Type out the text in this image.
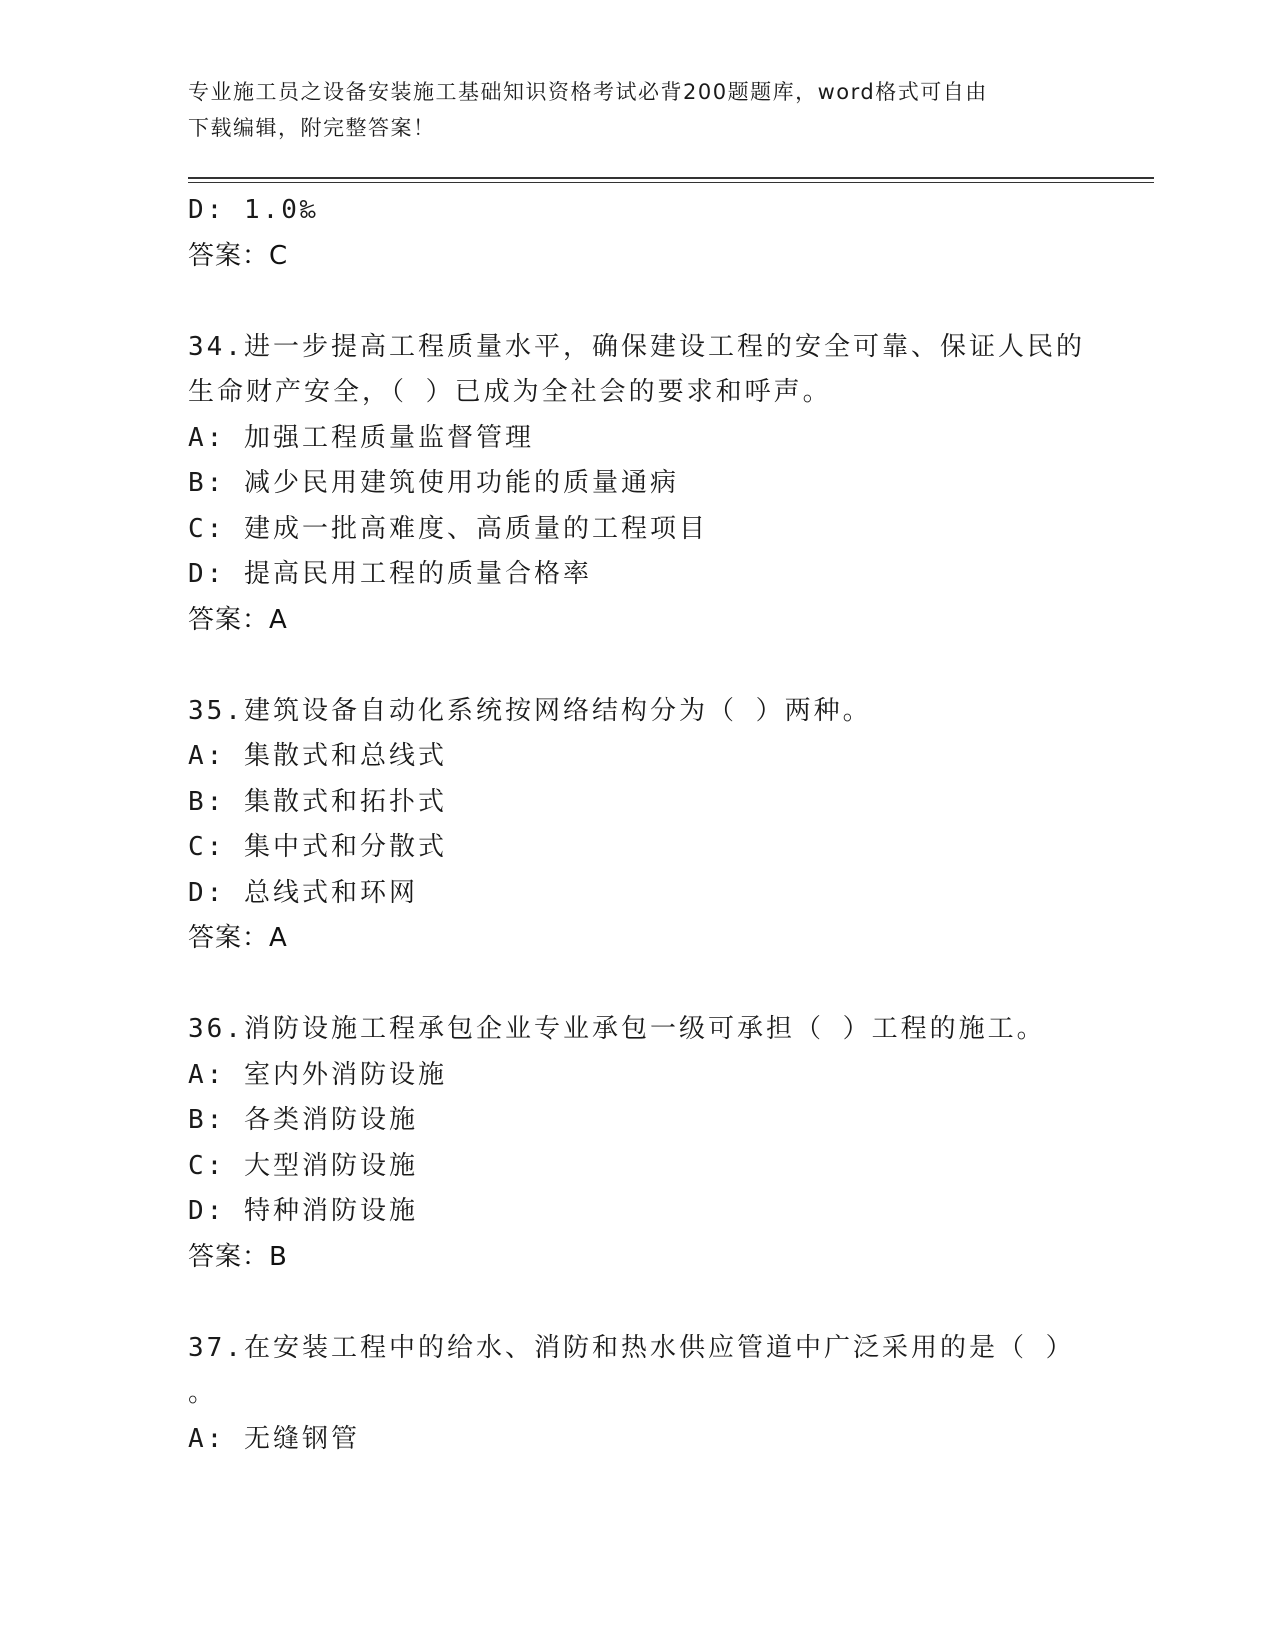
专业施工员之设备安装施工基础知识资格考试必背200题题库，word格式可自由
下载编辑，附完整答案！
D: 1.0‰
答案：C
34.进一步提高工程质量水平，确保建设工程的安全可靠、保证人民的
生命财产安全，（ ）已成为全社会的要求和呼声。
A: 加强工程质量监督管理
B: 减少民用建筑使用功能的质量通病
C: 建成一批高难度、高质量的工程项目
D: 提高民用工程的质量合格率
答案：A
35.建筑设备自动化系统按网络结构分为（ ）两种。
A: 集散式和总线式
B: 集散式和拓扑式
C: 集中式和分散式
D: 总线式和环网
答案：A
36.消防设施工程承包企业专业承包一级可承担（ ）工程的施工。
A: 室内外消防设施
B: 各类消防设施
C: 大型消防设施
D: 特种消防设施
答案：B
37.在安装工程中的给水、消防和热水供应管道中广泛采用的是（ ）
。
A: 无缝钢管
